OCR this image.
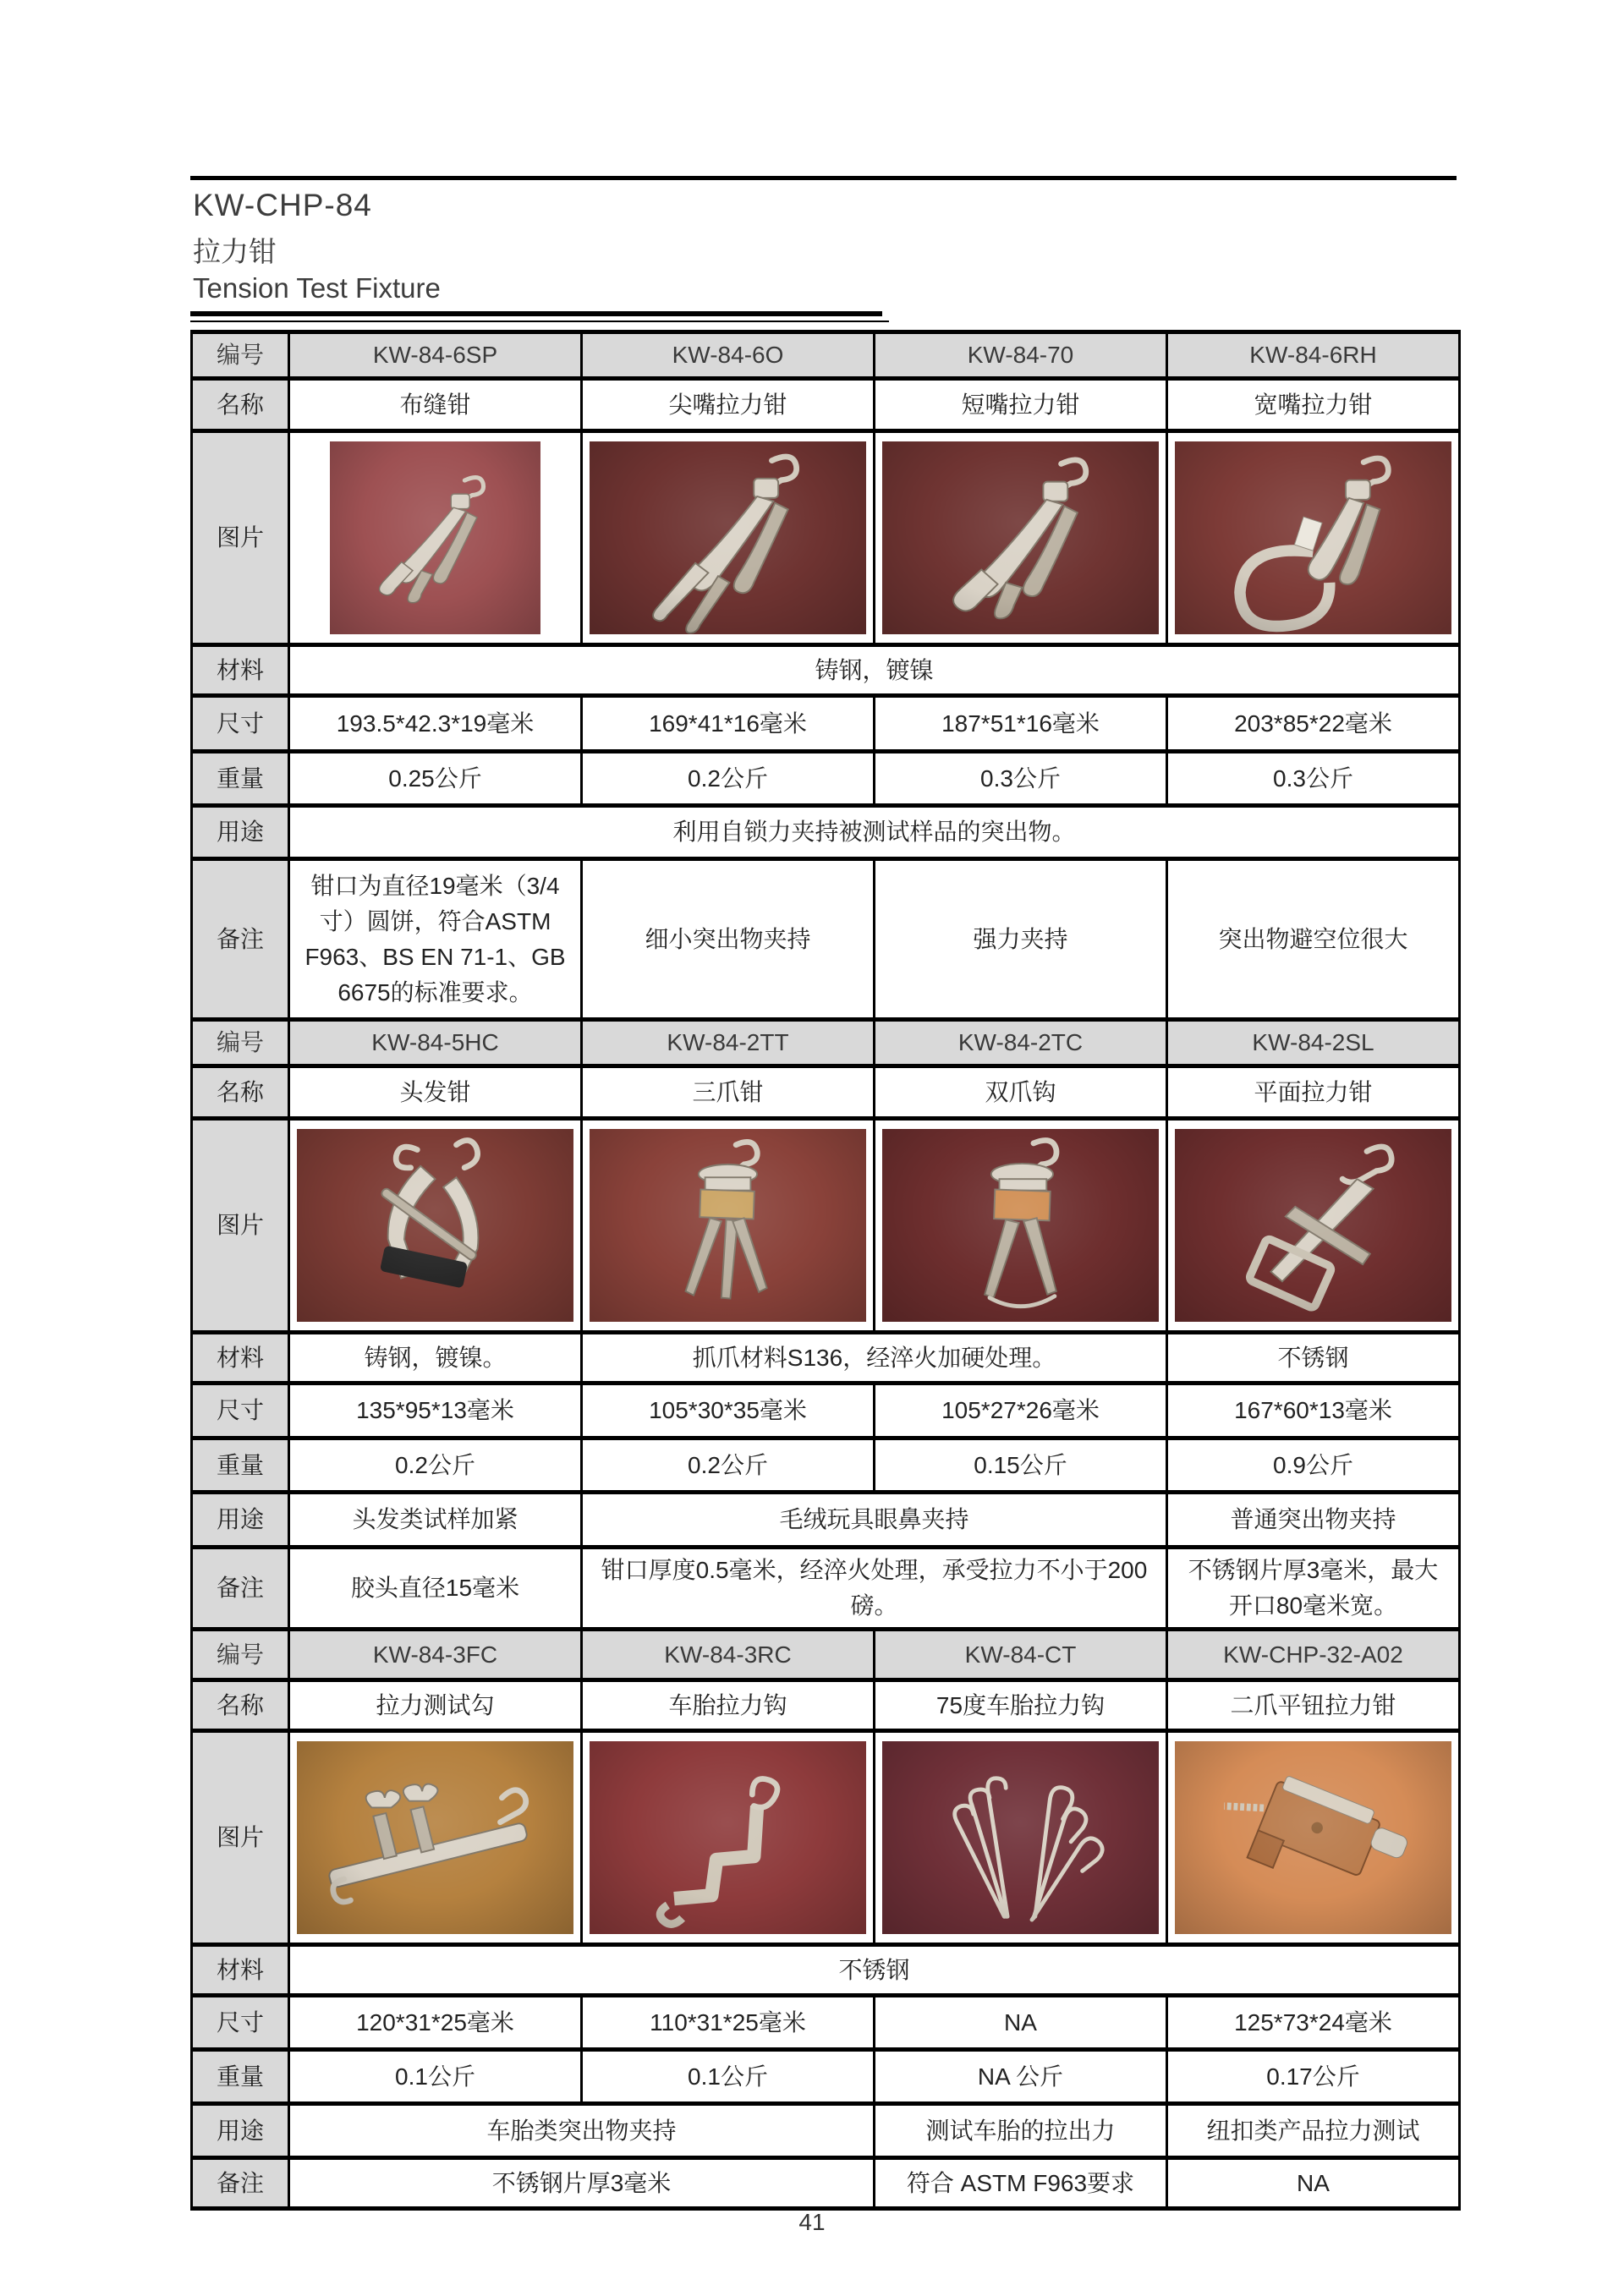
KW-CHP-84
拉力钳
Tension Test Fixture
编号	KW-84-6SP	KW-84-6O	KW-84-70	KW-84-6RH
名称	布缝钳	尖嘴拉力钳	短嘴拉力钳	宽嘴拉力钳
图片	

材料	铸钢，镀镍			
尺寸	193.5*42.3*19毫米	169*41*16毫米	187*51*16毫米	203*85*22毫米
重量	0.25公斤	0.2公斤	0.3公斤	0.3公斤
用途	利用自锁力夹持被测试样品的突出物。			
备注	钳口为直径19毫米（3/4寸）圆饼，符合ASTM F963、BS EN 71-1、GB 6675的标准要求。	细小突出物夹持	强力夹持	突出物避空位很大
编号	KW-84-5HC	KW-84-2TT	KW-84-2TC	KW-84-2SL
名称	头发钳	三爪钳	双爪钩	平面拉力钳
图片	

材料	铸钢，镀镍。	抓爪材料S136，经淬火加硬处理。		不锈钢
尺寸	135*95*13毫米	105*30*35毫米	105*27*26毫米	167*60*13毫米
重量	0.2公斤	0.2公斤	0.15公斤	0.9公斤
用途	头发类试样加紧	毛绒玩具眼鼻夹持		普通突出物夹持
备注	胶头直径15毫米	钳口厚度0.5毫米，经淬火处理，承受拉力不小于200磅。		不锈钢片厚3毫米，最大开口80毫米宽。
编号	KW-84-3FC	KW-84-3RC	KW-84-CT	KW-CHP-32-A02
名称	拉力测试勾	车胎拉力钩	75度车胎拉力钩	二爪平钮拉力钳
图片	

材料	不锈钢			
尺寸	120*31*25毫米	110*31*25毫米	NA	125*73*24毫米
重量	0.1公斤	0.1公斤	NA 公斤	0.17公斤
用途	车胎类突出物夹持		测试车胎的拉出力	纽扣类产品拉力测试
备注	不锈钢片厚3毫米		符合 ASTM F963要求	NA
41
